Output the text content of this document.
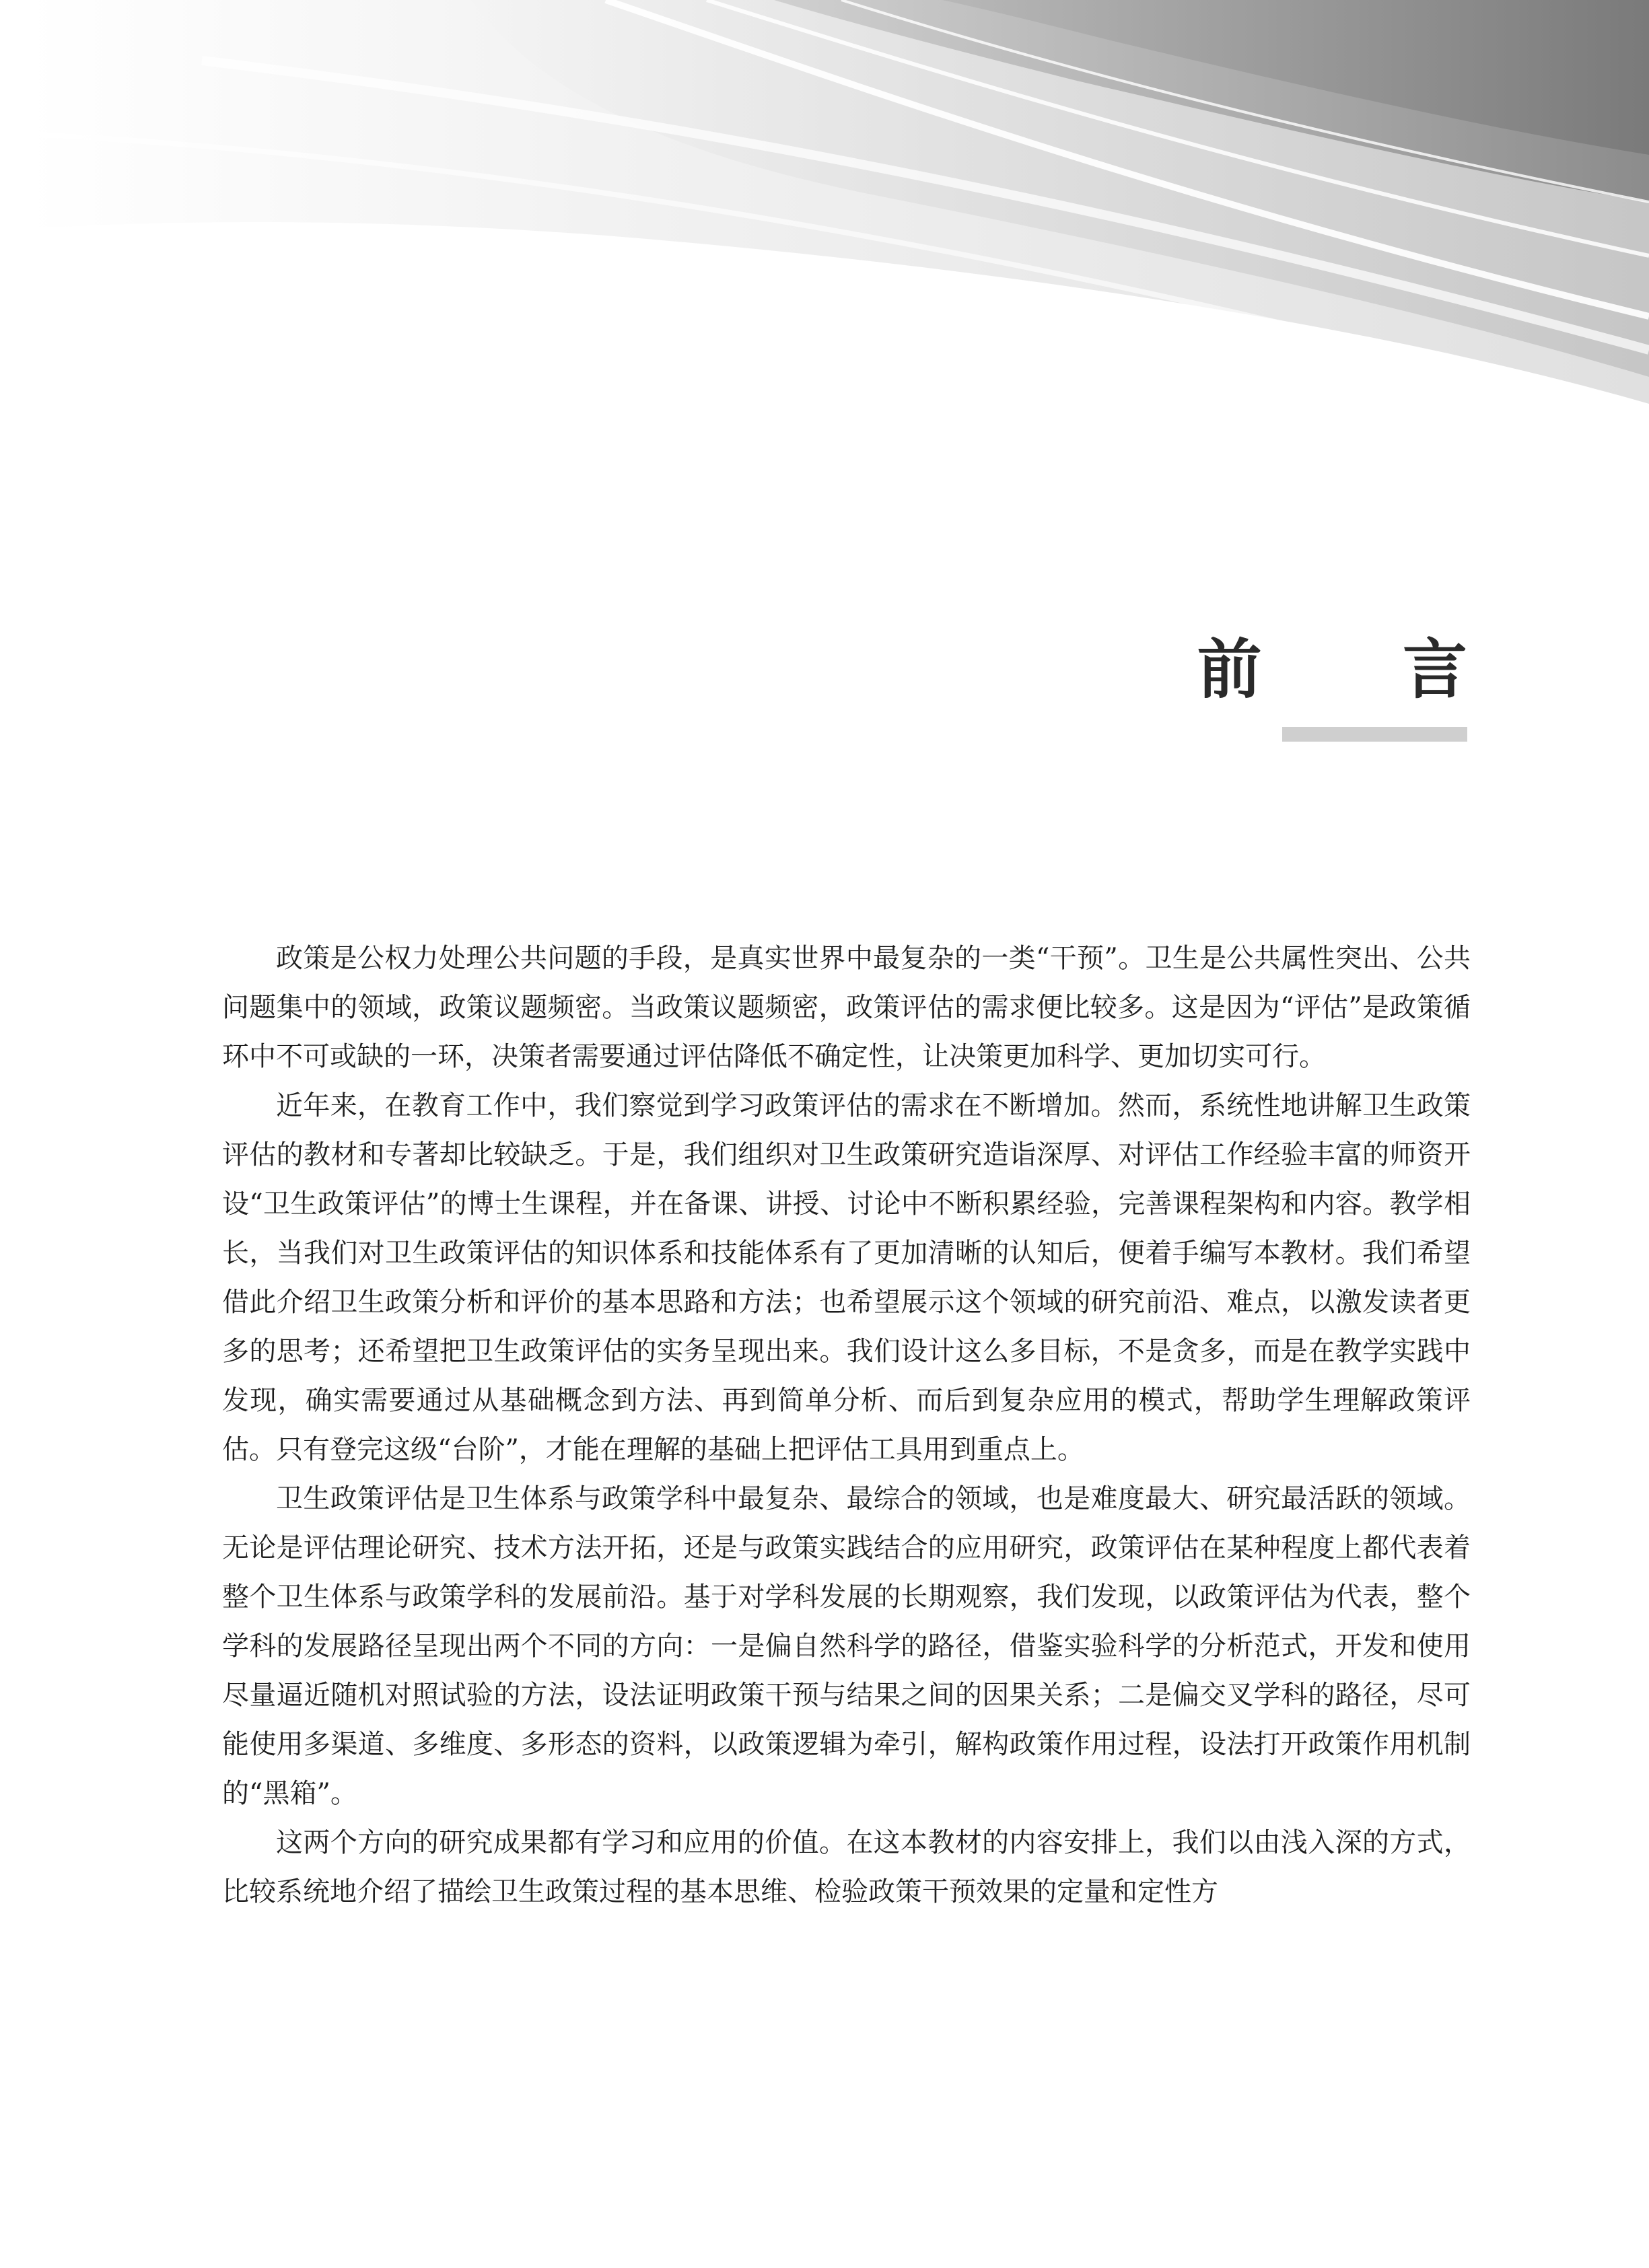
前 言

政策是公权力处理公共问题的手段，是真实世界中最复杂的一类“干预”。卫生是公共属性突出、公共问题集中的领域，政策议题频密。当政策议题频密，政策评估的需求便比较多。这是因为“评估”是政策循环中不可或缺的一环，决策者需要通过评估降低不确定性，让决策更加科学、更加切实可行。

近年来，在教育工作中，我们察觉到学习政策评估的需求在不断增加。然而，系统性地讲解卫生政策评估的教材和专著却比较缺乏。于是，我们组织对卫生政策研究造诣深厚、对评估工作经验丰富的师资开设“卫生政策评估”的博士生课程，并在备课、讲授、讨论中不断积累经验，完善课程架构和内容。教学相长，当我们对卫生政策评估的知识体系和技能体系有了更加清晰的认知后，便着手编写本教材。我们希望借此介绍卫生政策分析和评价的基本思路和方法；也希望展示这个领域的研究前沿、难点，以激发读者更多的思考；还希望把卫生政策评估的实务呈现出来。我们设计这么多目标，不是贪多，而是在教学实践中发现，确实需要通过从基础概念到方法、再到简单分析、而后到复杂应用的模式，帮助学生理解政策评估。只有登完这级“台阶”，才能在理解的基础上把评估工具用到重点上。

卫生政策评估是卫生体系与政策学科中最复杂、最综合的领域，也是难度最大、研究最活跃的领域。无论是评估理论研究、技术方法开拓，还是与政策实践结合的应用研究，政策评估在某种程度上都代表着整个卫生体系与政策学科的发展前沿。基于对学科发展的长期观察，我们发现，以政策评估为代表，整个学科的发展路径呈现出两个不同的方向：一是偏自然科学的路径，借鉴实验科学的分析范式，开发和使用尽量逼近随机对照试验的方法，设法证明政策干预与结果之间的因果关系；二是偏交叉学科的路径，尽可能使用多渠道、多维度、多形态的资料，以政策逻辑为牵引，解构政策作用过程，设法打开政策作用机制的“黑箱”。

这两个方向的研究成果都有学习和应用的价值。在这本教材的内容安排上，我们以由浅入深的方式，比较系统地介绍了描绘卫生政策过程的基本思维、检验政策干预效果的定量和定性方
